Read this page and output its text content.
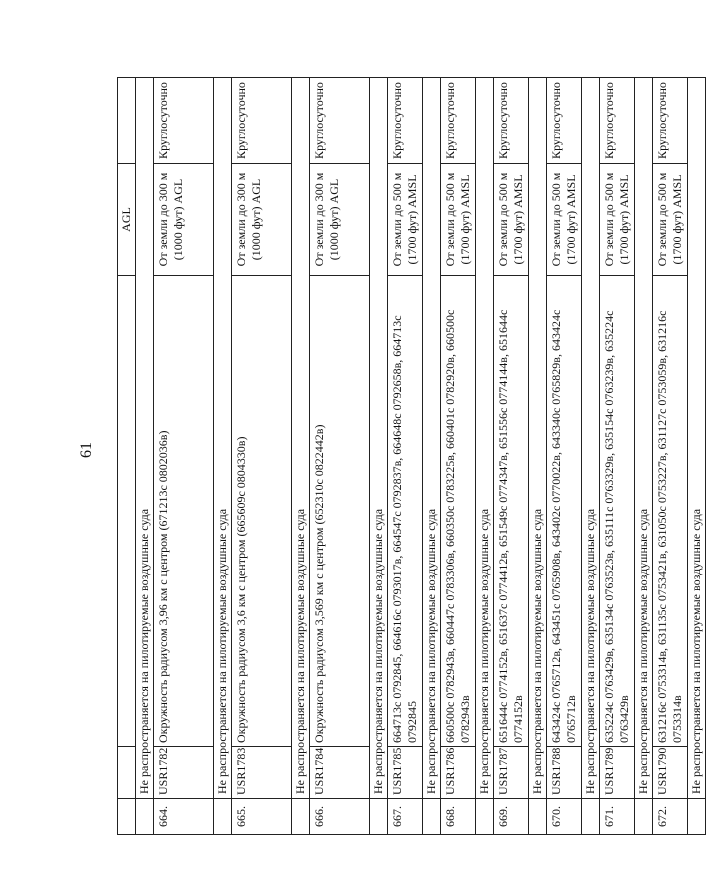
61
			AGL	
	Не распространяется на пилотируемые воздушные суда			
664.	USR1782	Окружность радиусом 3,96 км с центром (671213с 0802036в)	От земли до 300 м (1000 фут) AGL	Круглосуточно
	Не распространяется на пилотируемые воздушные суда			
665.	USR1783	Окружность радиусом 3,6 км с центром (665609с 0804330в)	От земли до 300 м (1000 фут) AGL	Круглосуточно
	Не распространяется на пилотируемые воздушные суда			
666.	USR1784	Окружность радиусом 3,569 км с центром (652310с 0822442в)	От земли до 300 м (1000 фут) AGL	Круглосуточно
	Не распространяется на пилотируемые воздушные суда			
667.	USR1785	664713с 0792845, 664616с 0793017в, 664547с 0792837в, 664648с 0792658в, 664713с 0792845	От земли до 500 м (1700 фут) AMSL	Круглосуточно
	Не распространяется на пилотируемые воздушные суда			
668.	USR1786	660500с 0782943в, 660447с 0783306в, 660350с 0783225в, 660401с 0782920в, 660500с 0782943в	От земли до 500 м (1700 фут) AMSL	Круглосуточно
	Не распространяется на пилотируемые воздушные суда			
669.	USR1787	651644с 0774152в, 651637с 0774412в, 651549с 0774347в, 651556с 0774144в, 651644с 0774152в	От земли до 500 м (1700 фут) AMSL	Круглосуточно
	Не распространяется на пилотируемые воздушные суда			
670.	USR1788	643424с 0765712в, 643451с 0765908в, 643402с 0770022в, 643340с 0765829в, 643424с 0765712в	От земли до 500 м (1700 фут) AMSL	Круглосуточно
	Не распространяется на пилотируемые воздушные суда			
671.	USR1789	635224с 0763429в, 635134с 0763523в, 635111с 0763329в, 635154с 0763239в, 635224с 0763429в	От земли до 500 м (1700 фут) AMSL	Круглосуточно
	Не распространяется на пилотируемые воздушные суда			
672.	USR1790	631216с 0753314в, 631135с 0753421в, 631050с 0753227в, 631127с 0753059в, 631216с 0753314в	От земли до 500 м (1700 фут) AMSL	Круглосуточно
	Не распространяется на пилотируемые воздушные суда			
